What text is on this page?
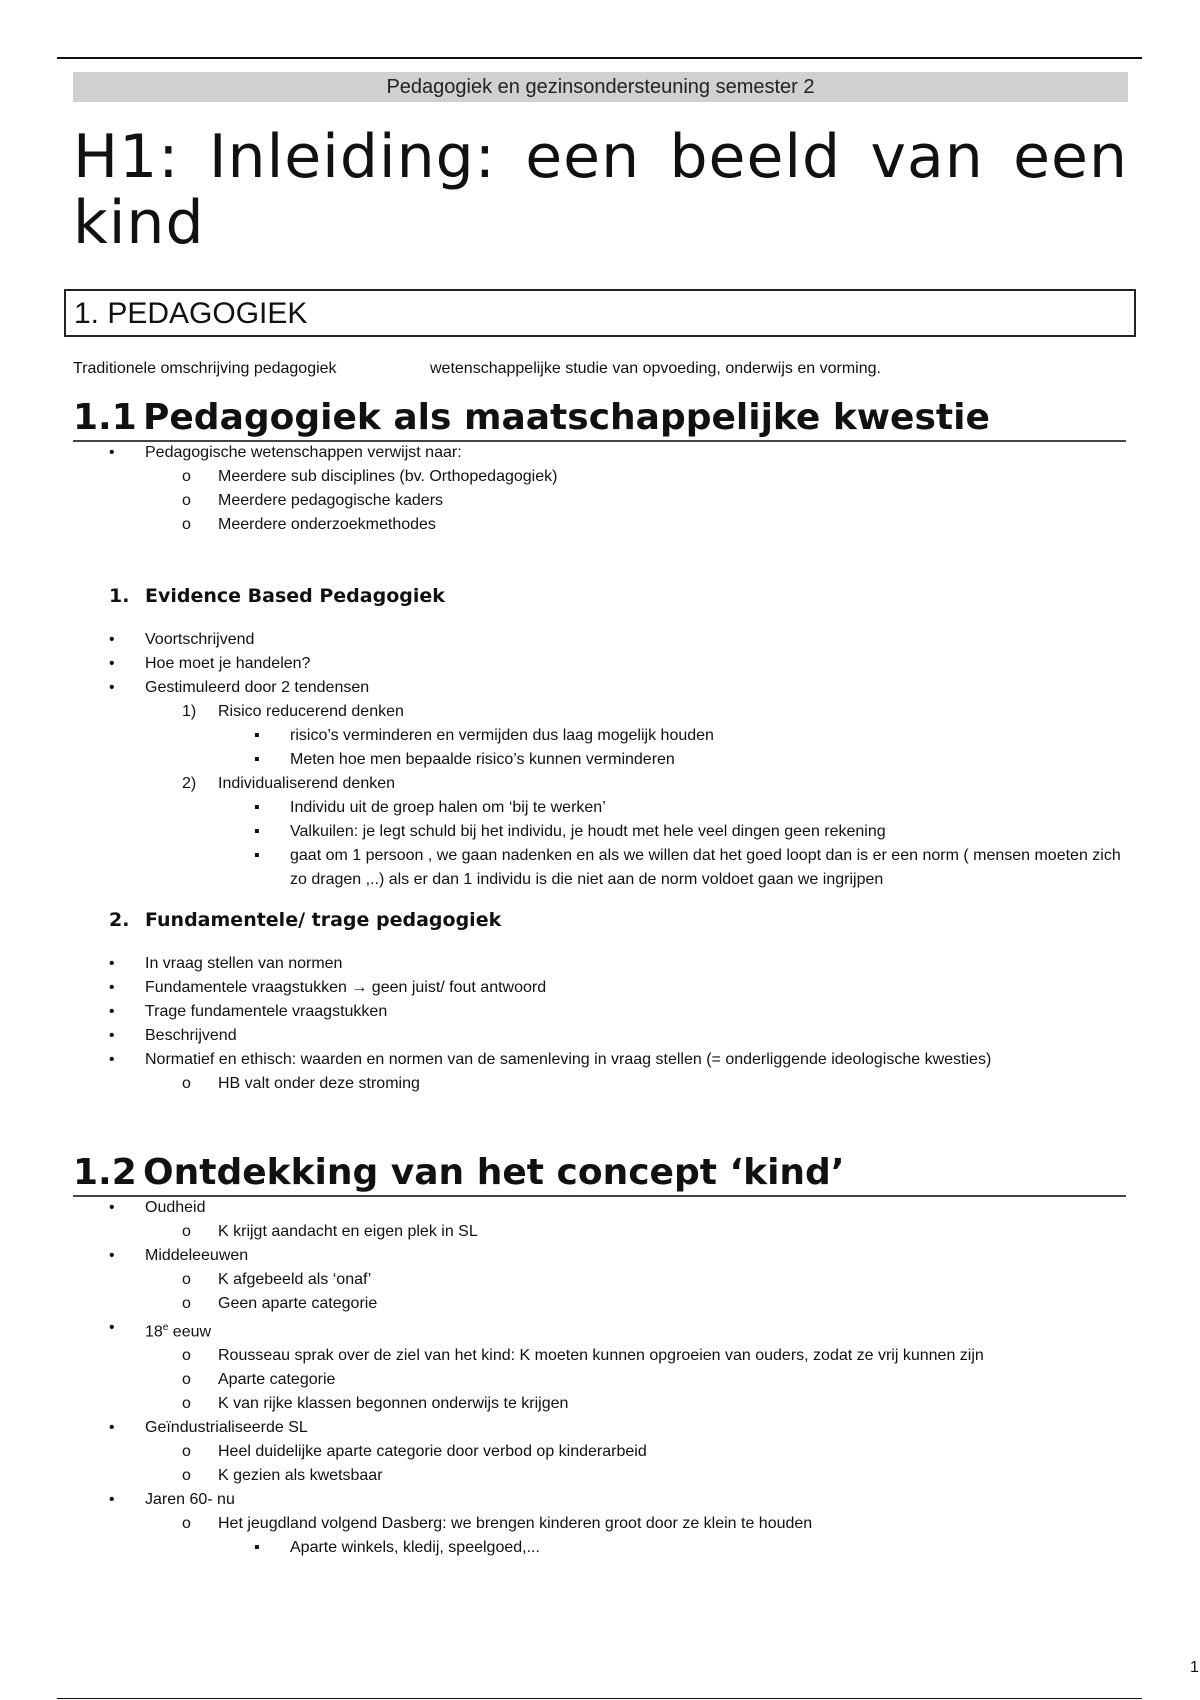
Pedagogiek en gezinsondersteuning semester 2
H1: Inleiding: een beeld van een kind
1. PEDAGOGIEK
Traditionele omschrijving pedagogiek	wetenschappelijke studie van opvoeding, onderwijs en vorming.
1.1 Pedagogiek als maatschappelijke kwestie
•	Pedagogische wetenschappen verwijst naar:
o	Meerdere sub disciplines (bv. Orthopedagogiek)
o	Meerdere pedagogische kaders
o	Meerdere onderzoekmethodes
1. Evidence Based Pedagogiek
•	Voortschrijvend
•	Hoe moet je handelen?
•	Gestimuleerd door 2 tendensen
1)	Risico reducerend denken
▪	risico’s verminderen en vermijden dus laag mogelijk houden
▪	Meten hoe men bepaalde risico’s kunnen verminderen
2)	Individualiserend denken
▪	Individu uit de groep halen om ‘bij te werken’
▪	Valkuilen: je legt schuld bij het individu, je houdt met hele veel dingen geen rekening
▪	gaat om 1 persoon , we gaan nadenken en als we willen dat het goed loopt dan is er een norm ( mensen moeten zich zo dragen ,..) als er dan 1 individu is die niet aan de norm voldoet gaan we ingrijpen
2. Fundamentele/ trage pedagogiek
•	In vraag stellen van normen
•	Fundamentele vraagstukken → geen juist/ fout antwoord
•	Trage fundamentele vraagstukken
•	Beschrijvend
•	Normatief en ethisch: waarden en normen van de samenleving in vraag stellen (= onderliggende ideologische kwesties)
o	HB valt onder deze stroming
1.2 Ontdekking van het concept ‘kind’
•	Oudheid
o	K krijgt aandacht en eigen plek in SL
•	Middeleeuwen
o	K afgebeeld als ‘onaf’
o	Geen aparte categorie
•	18e eeuw
o	Rousseau sprak over de ziel van het kind: K moeten kunnen opgroeien van ouders, zodat ze vrij kunnen zijn
o	Aparte categorie
o	K van rijke klassen begonnen onderwijs te krijgen
•	Geïndustrialiseerde SL
o	Heel duidelijke aparte categorie door verbod op kinderarbeid
o	K gezien als kwetsbaar
•	Jaren 60- nu
o	Het jeugdland volgend Dasberg: we brengen kinderen groot door ze klein te houden
▪	Aparte winkels, kledij, speelgoed,...
1
